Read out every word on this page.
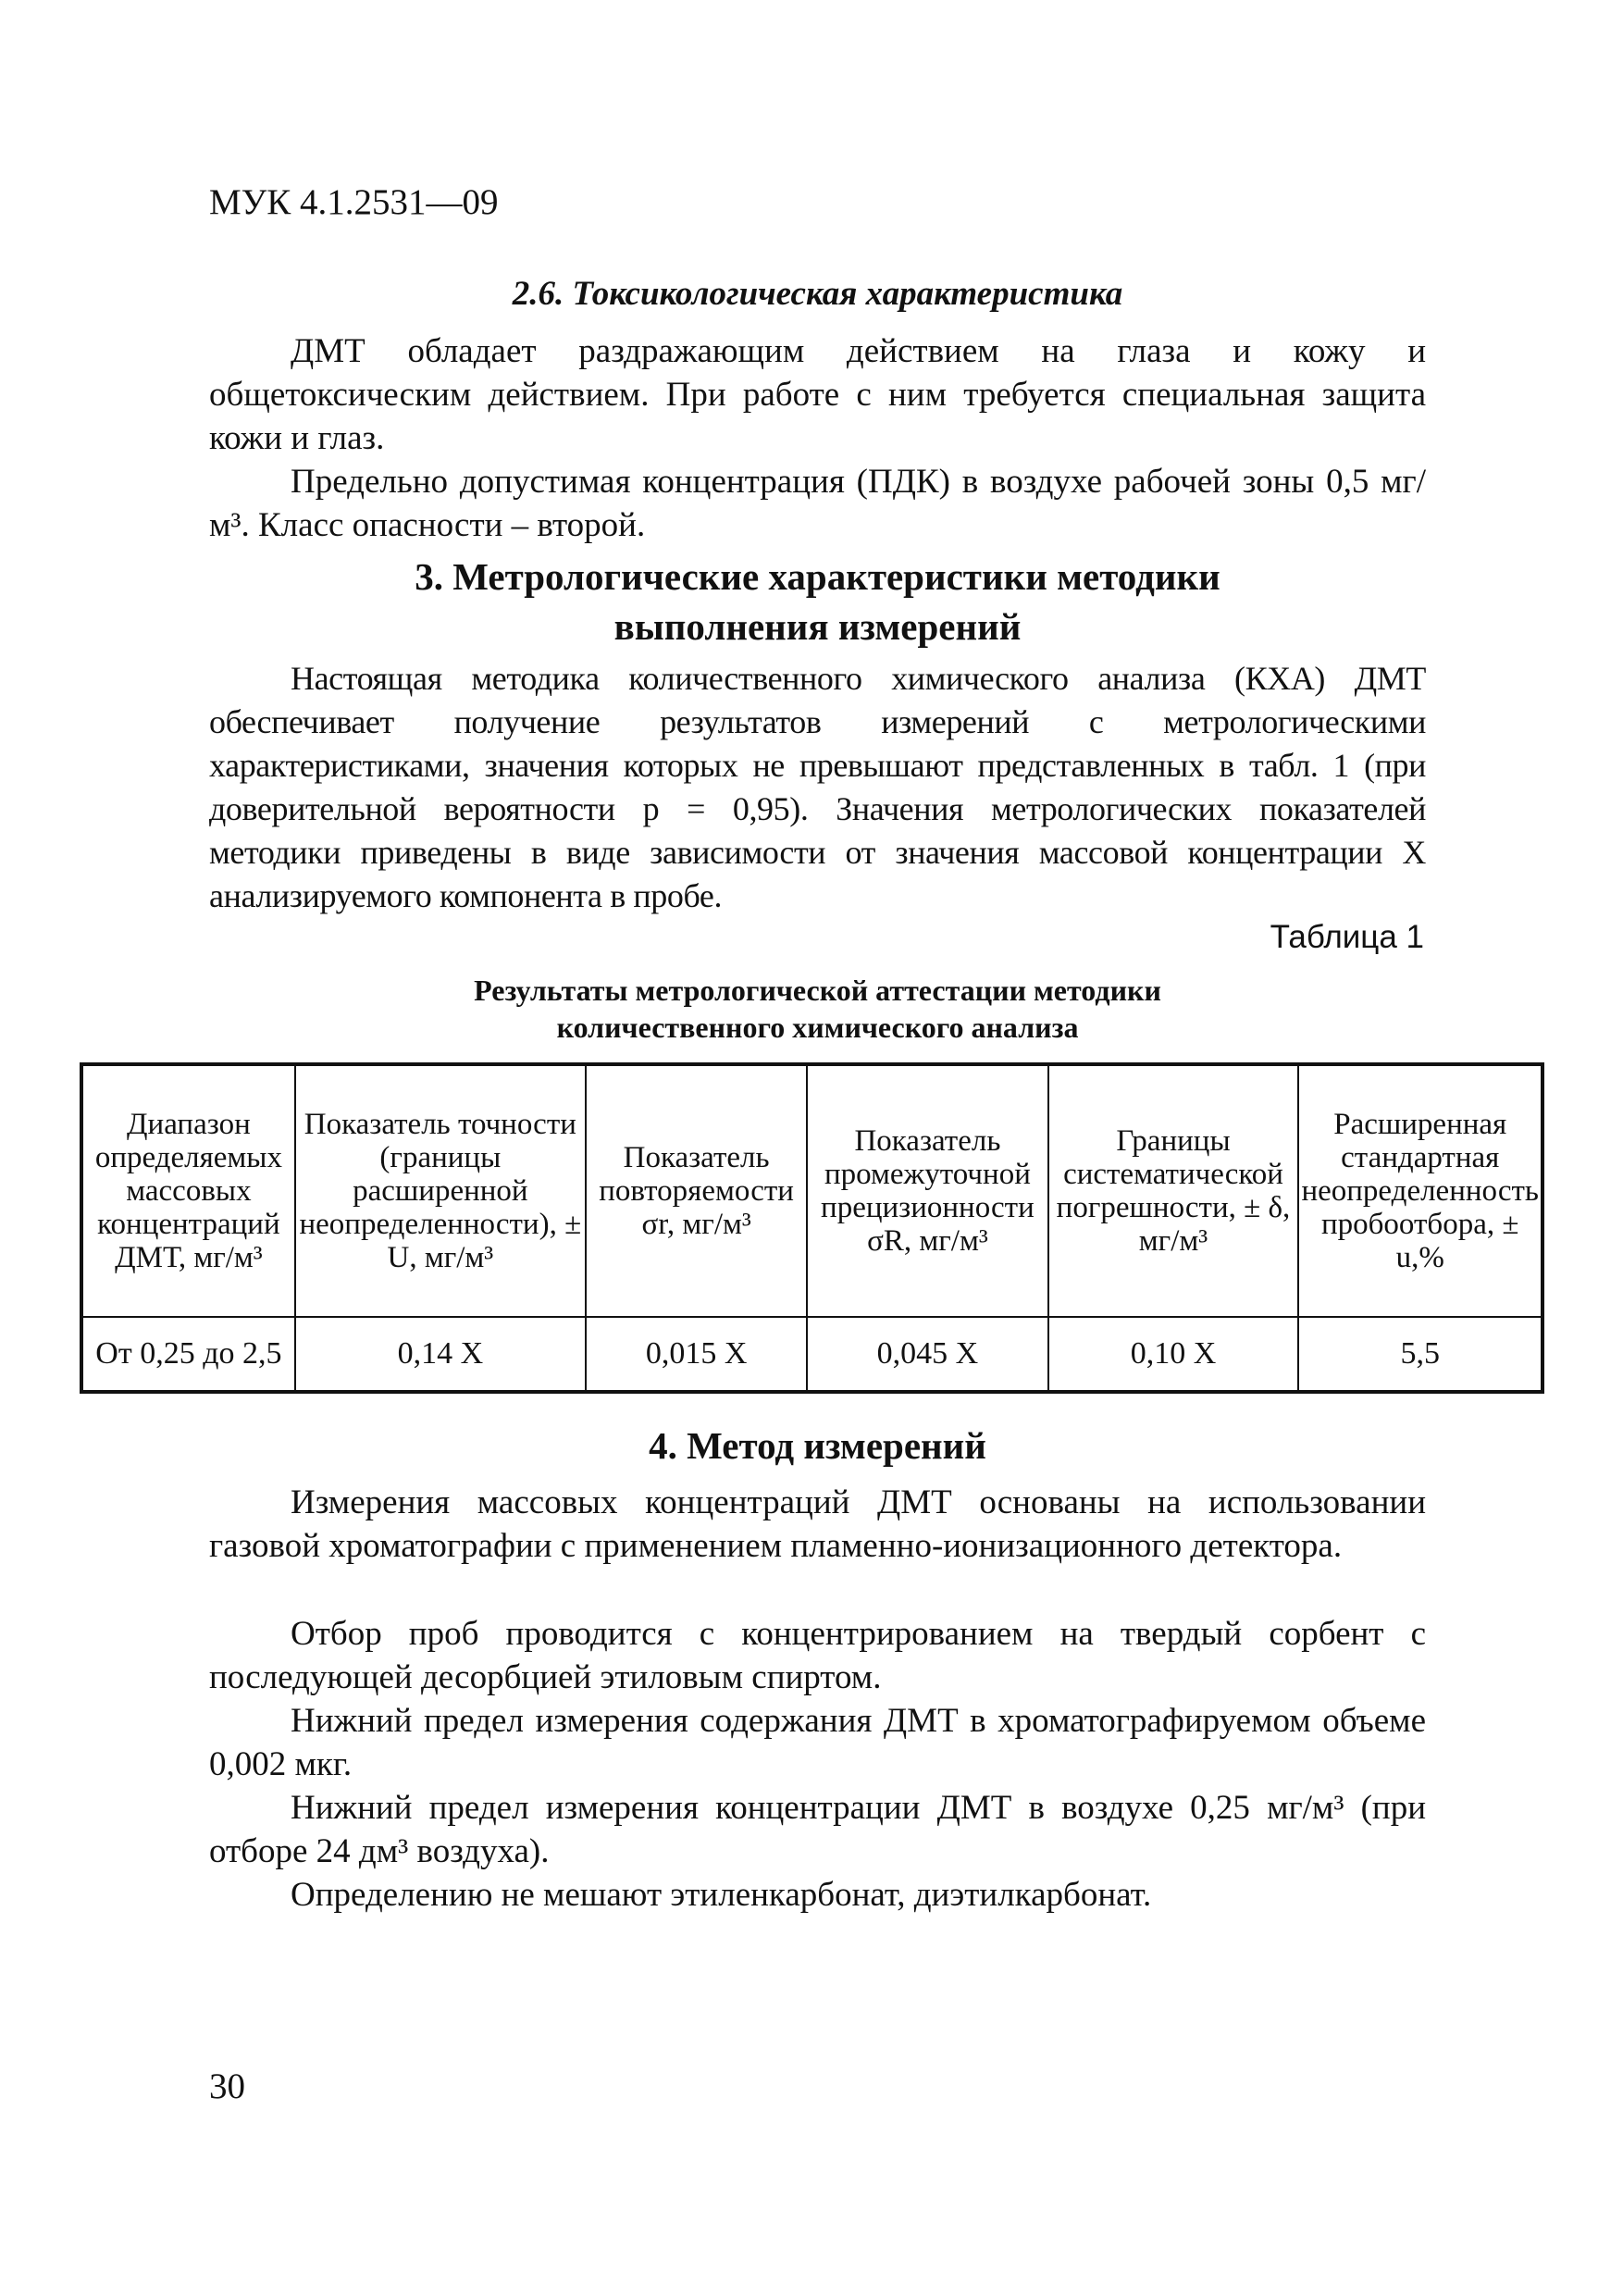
МУК 4.1.2531—09
2.6. Токсикологическая характеристика

ДМТ обладает раздражающим действием на глаза и кожу и общетоксическим действием. При работе с ним требуется специальная защита кожи и глаз.

Предельно допустимая концентрация (ПДК) в воздухе рабочей зоны 0,5 мг/м³. Класс опасности – второй.

3. Метрологические характеристики методики
выполнения измерений

Настоящая методика количественного химического анализа (КХА) ДМТ обеспечивает получение результатов измерений с метрологическими характеристиками, значения которых не превышают представленных в табл. 1 (при доверительной вероятности p = 0,95). Значения метрологических показателей методики приведены в виде зависимости от значения массовой концентрации X анализируемого компонента в пробе.

Таблица 1
Результаты метрологической аттестации методики
количественного химического анализа
Диапазон определяемых массовых концентраций ДМТ, мг/м³	Показатель точности (границы расширенной неопределенности), ± U, мг/м³	Показатель повторяемости σr, мг/м³	Показатель промежуточной прецизионности σR, мг/м³	Границы систематической погрешности, ± δ, мг/м³	Расширенная стандартная неопределенность пробоотбора, ± u,%
От 0,25 до 2,5	0,14 X	0,015 X	0,045 X	0,10 X	5,5
4. Метод измерений

Измерения массовых концентраций ДМТ основаны на использовании газовой хроматографии с применением пламенно-ионизационного детектора.

Отбор проб проводится с концентрированием на твердый сорбент с последующей десорбцией этиловым спиртом.

Нижний предел измерения содержания ДМТ в хроматографируемом объеме 0,002 мкг.

Нижний предел измерения концентрации ДМТ в воздухе 0,25 мг/м³ (при отборе 24 дм³ воздуха).

Определению не мешают этиленкарбонат, диэтилкарбонат.

30
